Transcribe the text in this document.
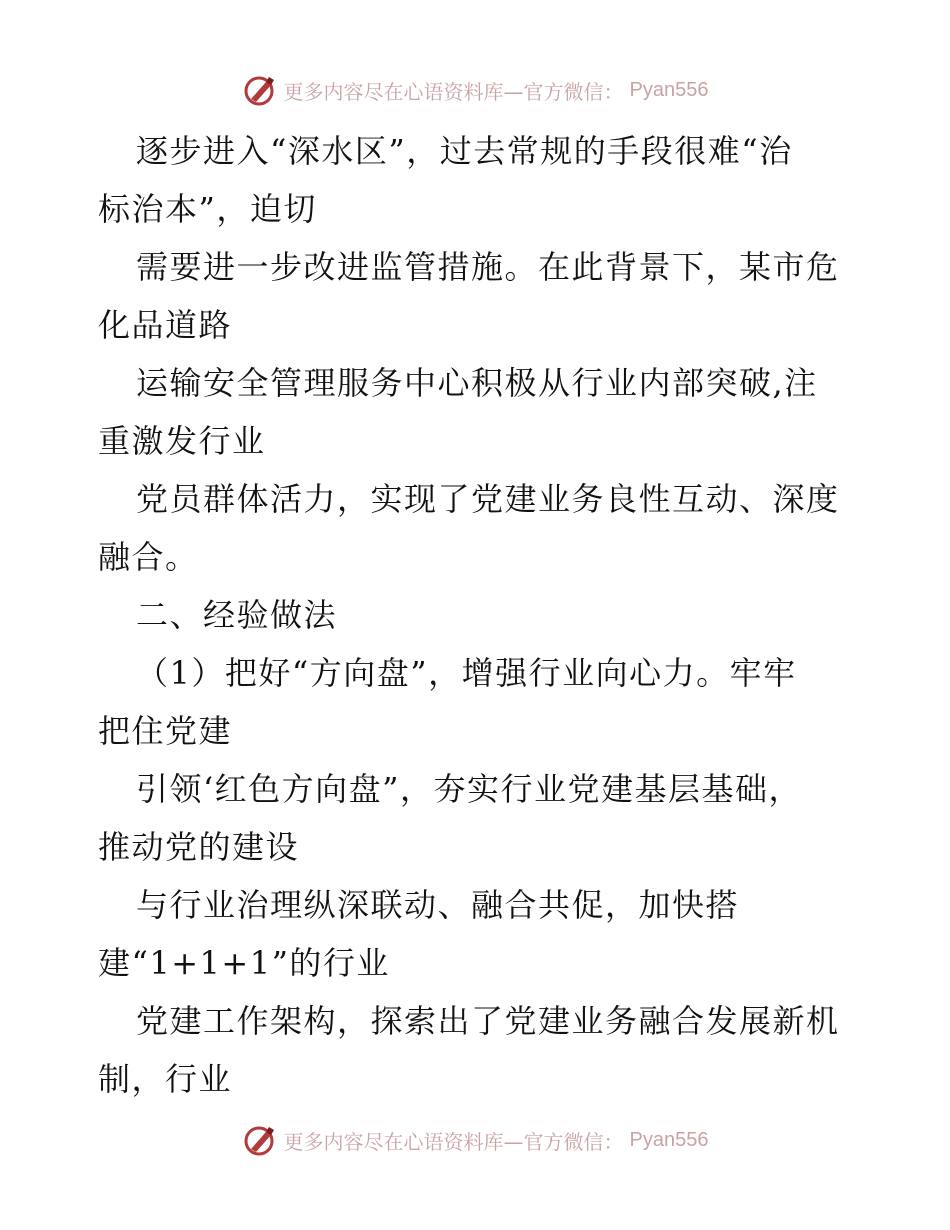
更多内容尽在心语资料库—官方微信： Pyan556
逐步进入“深水区”，过去常规的手段很难“治
标治本”，迫切
需要进一步改进监管措施。在此背景下，某市危
化品道路
运输安全管理服务中心积极从行业内部突破,注
重激发行业
党员群体活力，实现了党建业务良性互动、深度
融合。
二、经验做法
（1）把好“方向盘”，增强行业向心力。牢牢
把住党建
引领‘红色方向盘”，夯实行业党建基层基础，
推动党的建设
与行业治理纵深联动、融合共促，加快搭
建“1+1+1”的行业
党建工作架构，探索出了党建业务融合发展新机
制，行业
更多内容尽在心语资料库—官方微信： Pyan556
